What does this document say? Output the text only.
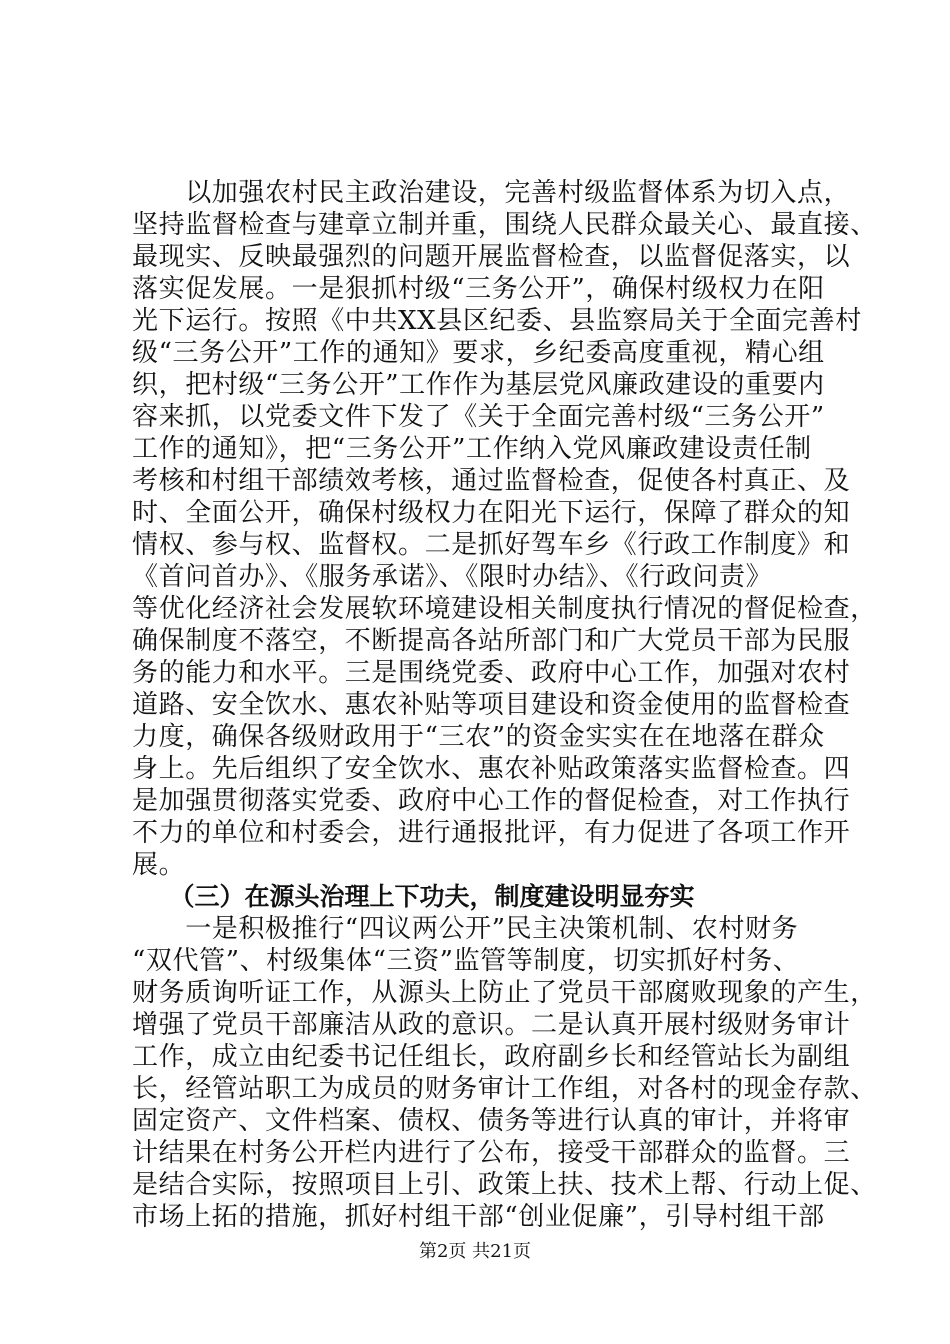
　　以加强农村民主政治建设，完善村级监督体系为切入点，
坚持监督检查与建章立制并重，围绕人民群众最关心、最直接、
最现实、反映最强烈的问题开展监督检查，以监督促落实，以
落实促发展。一是狠抓村级“三务公开”，确保村级权力在阳
光下运行。按照《中共XX县区纪委、县监察局关于全面完善村
级“三务公开”工作的通知》要求，乡纪委高度重视，精心组
织，把村级“三务公开”工作作为基层党风廉政建设的重要内
容来抓，以党委文件下发了《关于全面完善村级“三务公开”
工作的通知》，把“三务公开”工作纳入党风廉政建设责任制
考核和村组干部绩效考核，通过监督检查，促使各村真正、及
时、全面公开，确保村级权力在阳光下运行，保障了群众的知
情权、参与权、监督权。二是抓好驾车乡《行政工作制度》和
《首问首办》、《服务承诺》、《限时办结》、《行政问责》
等优化经济社会发展软环境建设相关制度执行情况的督促检查，
确保制度不落空，不断提高各站所部门和广大党员干部为民服
务的能力和水平。三是围绕党委、政府中心工作，加强对农村
道路、安全饮水、惠农补贴等项目建设和资金使用的监督检查
力度，确保各级财政用于“三农”的资金实实在在地落在群众
身上。先后组织了安全饮水、惠农补贴政策落实监督检查。四
是加强贯彻落实党委、政府中心工作的督促检查，对工作执行
不力的单位和村委会，进行通报批评，有力促进了各项工作开
展。
　　（三）在源头治理上下功夫，制度建设明显夯实
　　一是积极推行“四议两公开”民主决策机制、农村财务
“双代管”、村级集体“三资”监管等制度，切实抓好村务、
财务质询听证工作，从源头上防止了党员干部腐败现象的产生，
增强了党员干部廉洁从政的意识。二是认真开展村级财务审计
工作，成立由纪委书记任组长，政府副乡长和经管站长为副组
长，经管站职工为成员的财务审计工作组，对各村的现金存款、
固定资产、文件档案、债权、债务等进行认真的审计，并将审
计结果在村务公开栏内进行了公布，接受干部群众的监督。三
是结合实际，按照项目上引、政策上扶、技术上帮、行动上促、
市场上拓的措施，抓好村组干部“创业促廉”，引导村组干部
第2页 共21页
